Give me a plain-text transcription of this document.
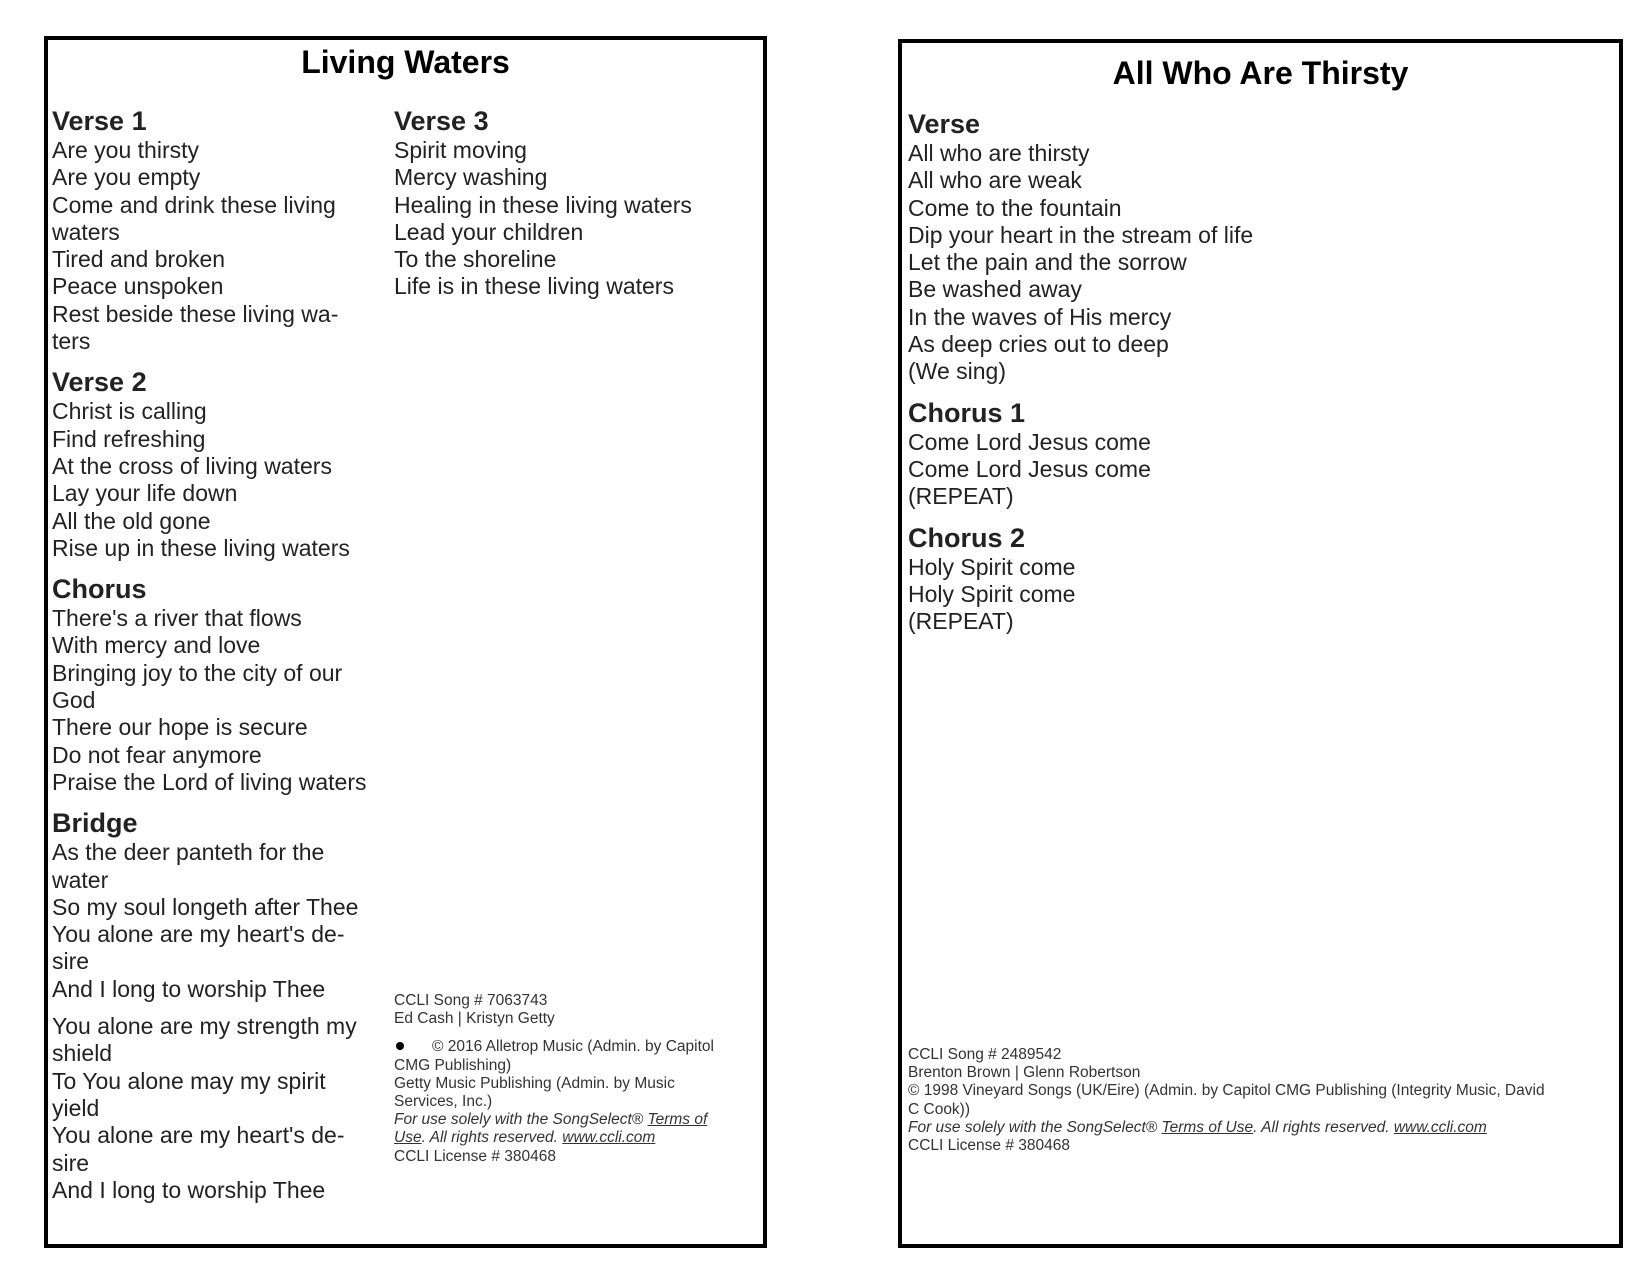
Living Waters
Verse 1
Are you thirsty
Are you empty
Come and drink these living
waters
Tired and broken
Peace unspoken
Rest beside these living wa-
ters
Verse 2
Christ is calling
Find refreshing
At the cross of living waters
Lay your life down
All the old gone
Rise up in these living waters
Chorus
There's a river that flows
With mercy and love
Bringing joy to the city of our
God
There our hope is secure
Do not fear anymore
Praise the Lord of living waters
Bridge
As the deer panteth for the
water
So my soul longeth after Thee
You alone are my heart's de-
sire
And I long to worship Thee
You alone are my strength my
shield
To You alone may my spirit
yield
You alone are my heart's de-
sire
And I long to worship Thee
Verse 3
Spirit moving
Mercy washing
Healing in these living waters
Lead your children
To the shoreline
Life is in these living waters
CCLI Song # 7063743
Ed Cash | Kristyn Getty
© 2016 Alletrop Music (Admin. by Capitol
CMG Publishing)
Getty Music Publishing (Admin. by Music
Services, Inc.)
For use solely with the SongSelect® Terms of
Use. All rights reserved. www.ccli.com
CCLI License # 380468
All Who Are Thirsty
Verse
All who are thirsty
All who are weak
Come to the fountain
Dip your heart in the stream of life
Let the pain and the sorrow
Be washed away
In the waves of His mercy
As deep cries out to deep
(We sing)
Chorus 1
Come Lord Jesus come
Come Lord Jesus come
(REPEAT)
Chorus 2
Holy Spirit come
Holy Spirit come
(REPEAT)
CCLI Song # 2489542
Brenton Brown | Glenn Robertson
© 1998 Vineyard Songs (UK/Eire) (Admin. by Capitol CMG Publishing (Integrity Music, David
C Cook))
For use solely with the SongSelect® Terms of Use. All rights reserved. www.ccli.com
CCLI License # 380468
